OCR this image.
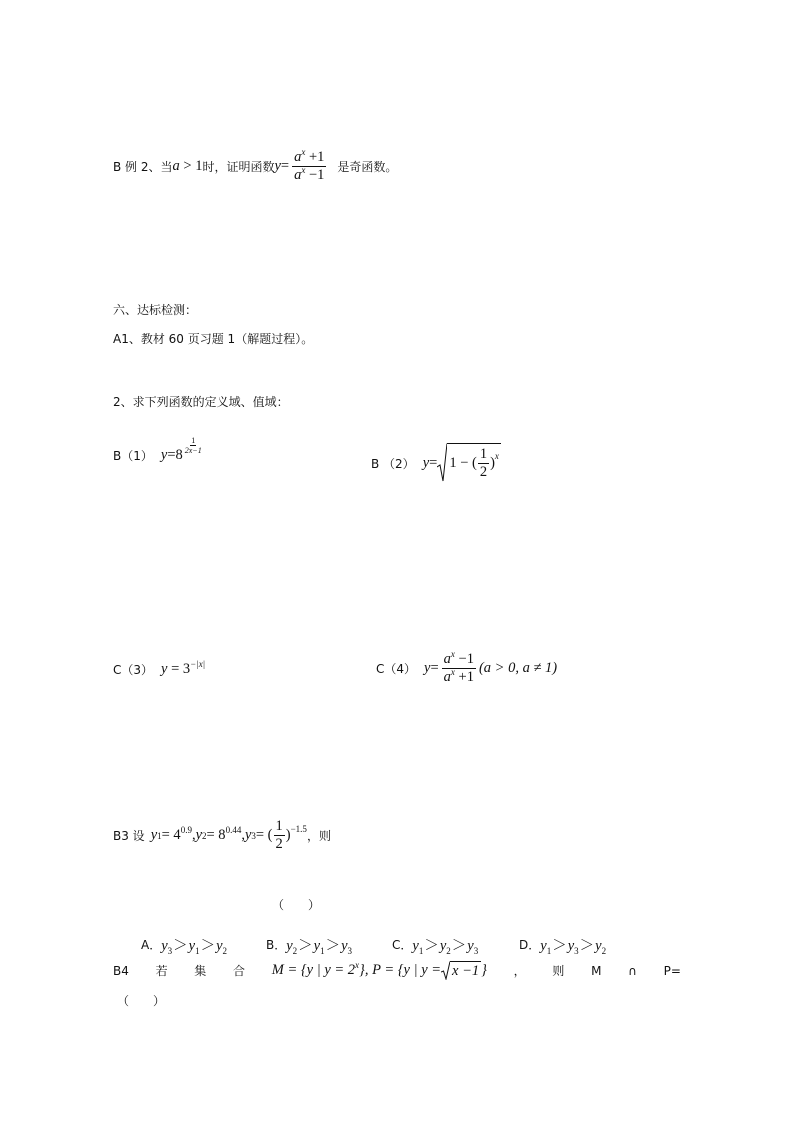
B 例 2、 当 a > 1 时，证明函数 $y = \frac{a^x +1}{a^x -1}$ 是奇函数。
六、达标检测：
A1、教材 60 页习题 1（解题过程）。
2、求下列函数的定义域、值域：
B（1） $y = 8 \frac{1}{2x-1}$
B （2） y = 1 − ( $\frac{1}{2}$ ) x
C（3） $y = 3^{-|x|}$	C（4） $y = \frac{a^x -1}{a^x +1} (a > 0$, a ≠ 1)
B3 设 y 1 = 4 0.9 , y 2 = 8 0.44 , y 3 = ( $\frac{1}{2}$ ) −1.5
，则
（　　）
A． $y_3>y_1>y_2$	B． $y_2>y_1>y_3$	C． $y_1>y_2>y_3$	D． $y_1>y_3>y_2$
B4 若 集 合 M = {y | y = 2 x }, P = {y | y = x −1 } ， 则 M ∩ P=
（　　）
